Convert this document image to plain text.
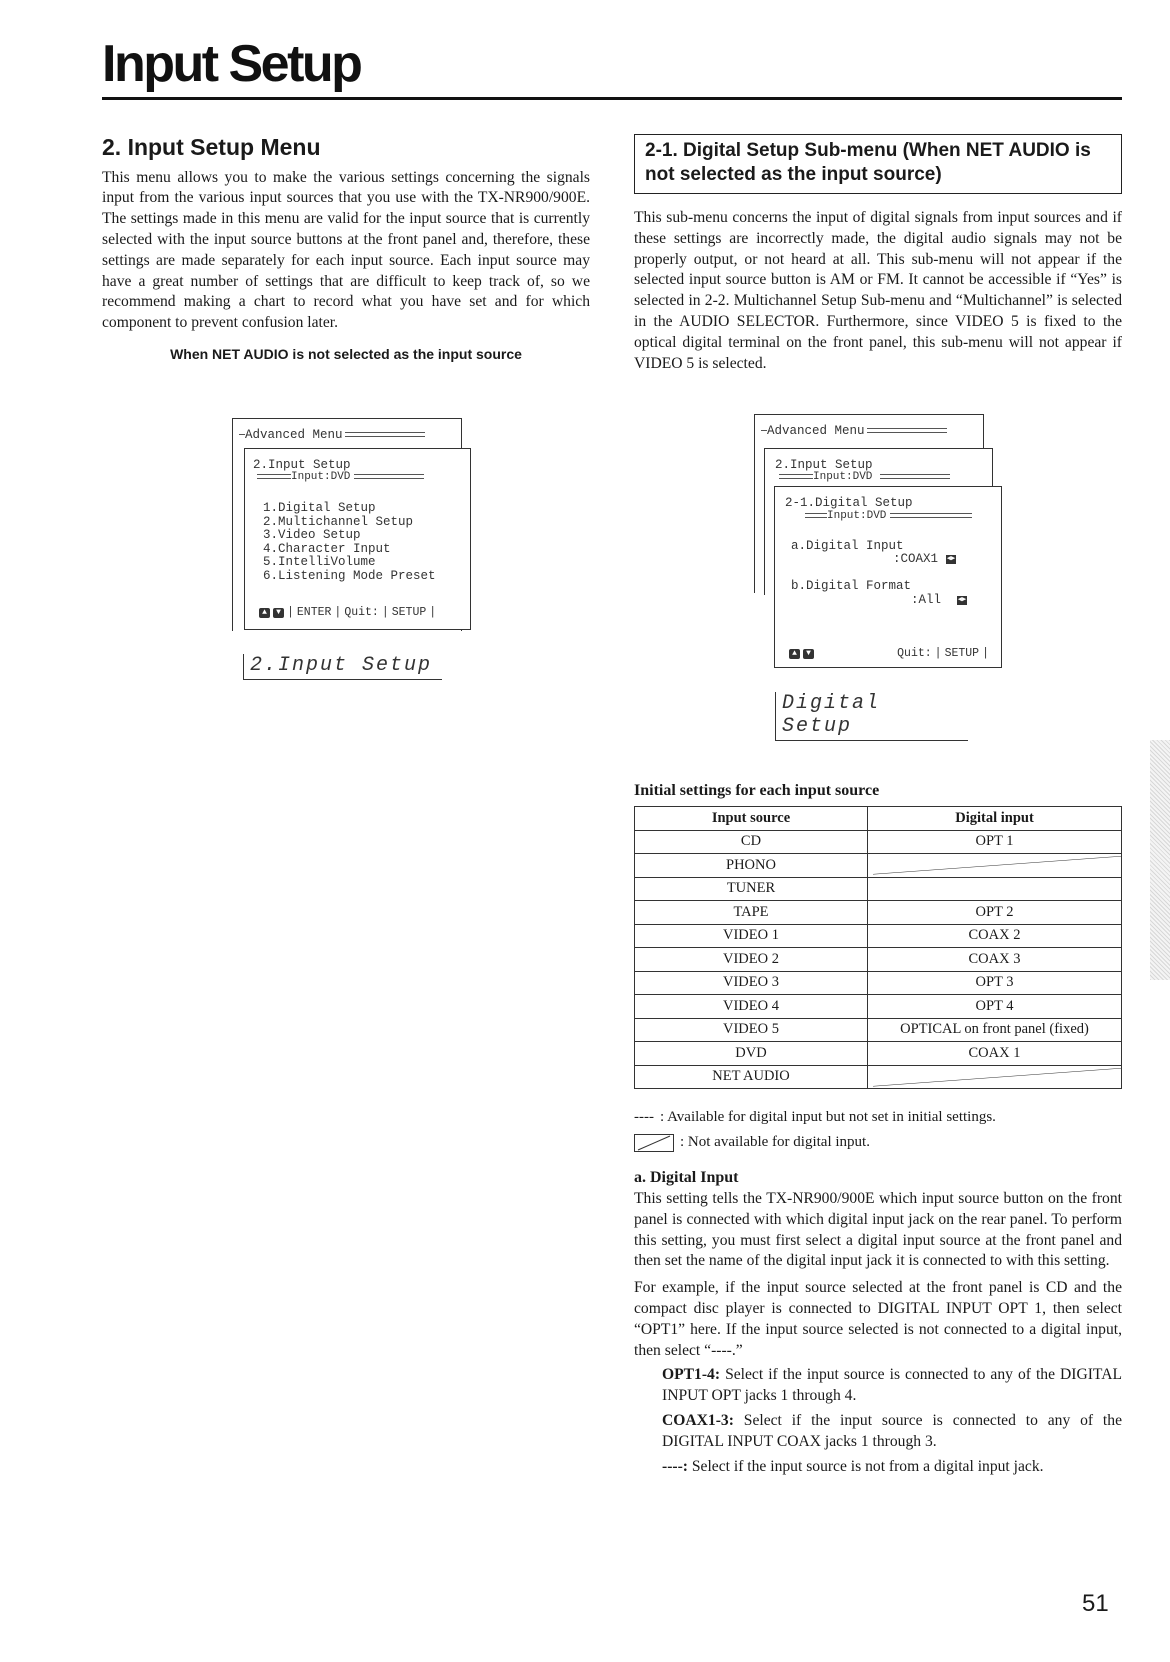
Input Setup
2. Input Setup Menu

This menu allows you to make the various settings concerning the signals input from the various input sources that you use with the TX-NR900/900E. The settings made in this menu are valid for the input source that is currently selected with the input source buttons at the front panel and, therefore, these settings are made separately for each input source. Each input source may have a great number of settings that are difficult to keep track of, so we recommend making a chart to record what you have set and for which component to prevent confusion later.

When NET AUDIO is not selected as the input source

Advanced Menu
2.Input Setup
Input:DVD
1.Digital Setup
2.Multichannel Setup
3.Video Setup
4.Character Input
5.IntelliVolume
6.Listening Mode Preset
▲	▼ | ENTER | Quit: | SETUP |
2.Input Setup
2-1. Digital Setup Sub-menu (When NET AUDIO is not selected as the input source)

This sub-menu concerns the input of digital signals from input sources and if these settings are incorrectly made, the digital audio signals may not be properly output, or not heard at all. This sub-menu will not appear if the selected input source button is AM or FM. It cannot be accessible if “Yes” is selected in 2-2. Multichannel Setup Sub-menu and “Multichannel” is selected in the AUDIO SELECTOR. Furthermore, since VIDEO 5 is fixed to the optical digital terminal on the front panel, this sub-menu will not appear if VIDEO 5 is selected.

Advanced Menu
2.Input Setup
Input:DVD
2-1.Digital Setup
Input:DVD
a.Digital Input
:COAX1 ◀▶
b.Digital Format
:All ◀▶
▲	▼	Quit: | SETUP |
Digital Setup

Initial settings for each input source

Input source	Digital input
CD	OPT 1
PHONO	

TUNER	
TAPE	OPT 2
VIDEO 1	COAX 2
VIDEO 2	COAX 3
VIDEO 3	OPT 3
VIDEO 4	OPT 4
VIDEO 5	OPTICAL on front panel (fixed)
DVD	COAX 1
NET AUDIO	

---- : Available for digital input but not set in initial settings.

: Not available for digital input.

a. Digital Input

This setting tells the TX-NR900/900E which input source button on the front panel is connected with which digital input jack on the rear panel. To perform this setting, you must first select a digital input source at the front panel and then set the name of the digital input jack it is connected to with this setting.

For example, if the input source selected at the front panel is CD and the compact disc player is connected to DIGITAL INPUT OPT 1, then select “OPT1” here. If the input source selected is not connected to a digital input, then select “----.”

OPT1-4: Select if the input source is connected to any of the DIGITAL INPUT OPT jacks 1 through 4.

COAX1-3: Select if the input source is connected to any of the DIGITAL INPUT COAX jacks 1 through 3.

----: Select if the input source is not from a digital input jack.

51
